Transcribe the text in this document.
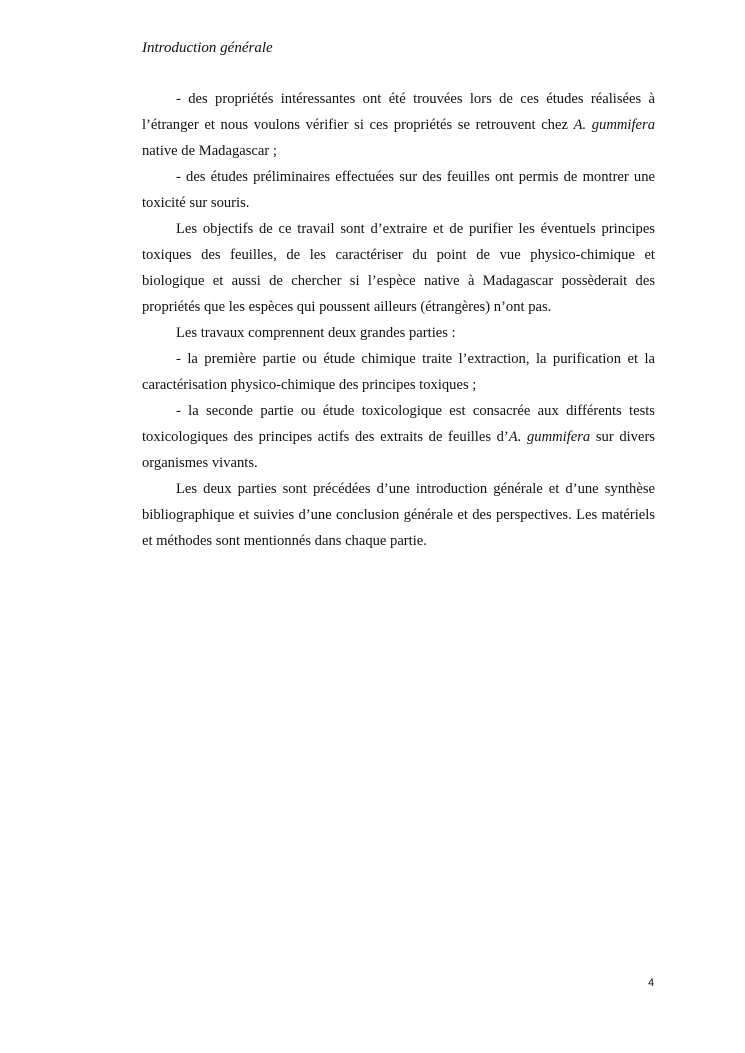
Introduction générale

- des propriétés intéressantes ont été trouvées lors de ces études réalisées à l’étranger et nous voulons vérifier si ces propriétés se retrouvent chez A. gummifera native de Madagascar ;

- des études préliminaires effectuées sur des feuilles ont permis de montrer une toxicité sur souris.

Les objectifs de ce travail sont d’extraire et de purifier les éventuels principes toxiques des feuilles, de les caractériser du point de vue physico-chimique et biologique et aussi de chercher si l’espèce native à Madagascar possèderait des propriétés que les espèces qui poussent ailleurs (étrangères) n’ont pas.

Les travaux comprennent deux grandes parties :

- la première partie ou étude chimique traite l’extraction, la purification et la caractérisation physico-chimique des principes toxiques ;

- la seconde partie ou étude toxicologique est consacrée aux différents tests toxicologiques des principes actifs des extraits de feuilles d’A. gummifera sur divers organismes vivants.

Les deux parties sont précédées d’une introduction générale et d’une synthèse bibliographique et suivies d’une conclusion générale et des perspectives. Les matériels et méthodes sont mentionnés dans chaque partie.

4
